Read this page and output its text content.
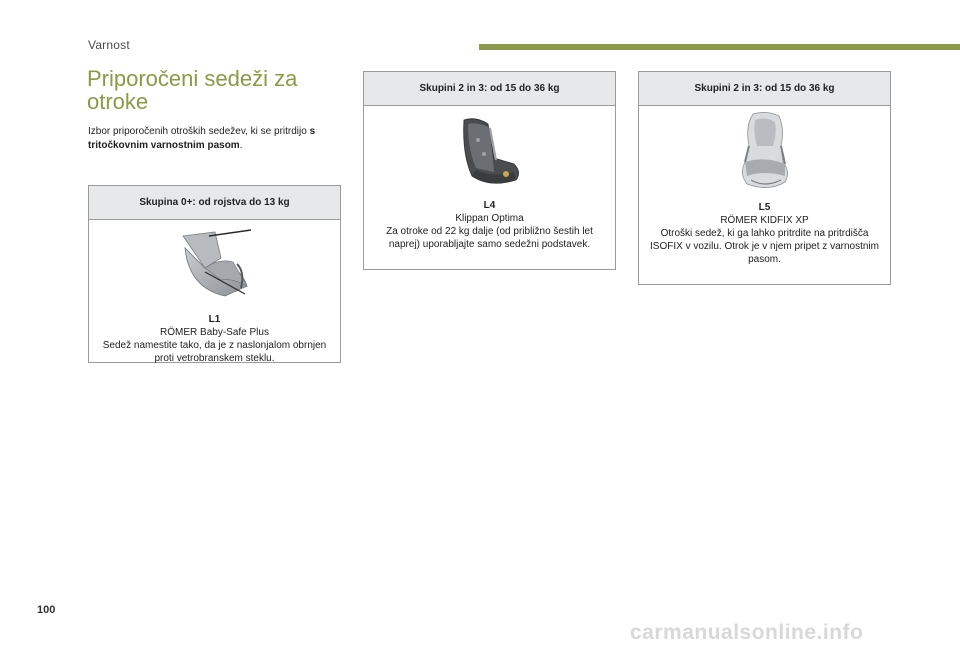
Varnost
Priporočeni sedeži za otroke
Izbor priporočenih otroških sedežev, ki se pritrdijo s tritočkovnim varnostnim pasom.
Skupina 0+: od rojstva do 13 kg
L1
RÖMER Baby-Safe Plus
Sedež namestite tako, da je z naslonjalom obrnjen proti vetrobranskem steklu.
Skupini 2 in 3: od 15 do 36 kg
L4
Klippan Optima
Za otroke od 22 kg dalje (od približno šestih let naprej) uporabljajte samo sedežni podstavek.
Skupini 2 in 3: od 15 do 36 kg
L5
RÖMER KIDFIX XP
Otroški sedež, ki ga lahko pritrdite na pritrdišča ISOFIX v vozilu. Otrok je v njem pripet z varnostnim pasom.
100
carmanualsonline.info
